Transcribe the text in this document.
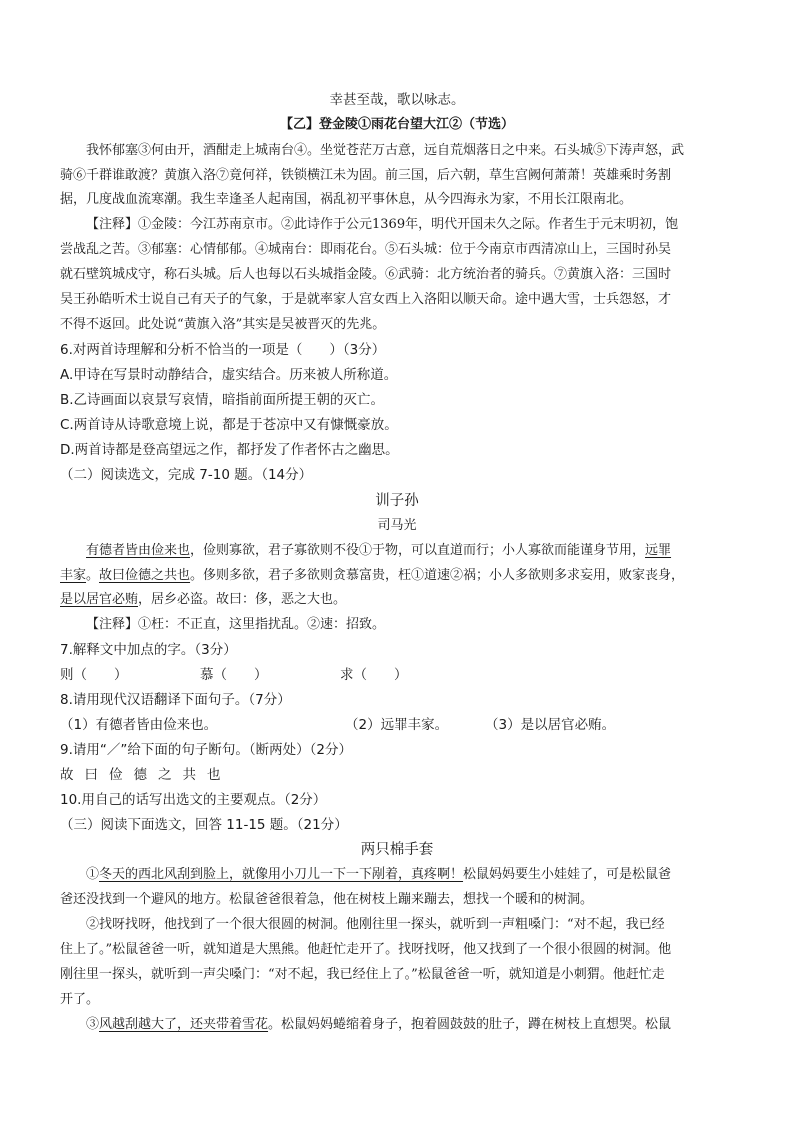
幸甚至哉，歌以咏志。
【乙】登金陵①雨花台望大江②（节选）
我怀郁塞③何由开，酒酣走上城南台④。坐觉苍茫万古意，远自荒烟落日之中来。石头城⑤下涛声怒，武
骑⑥千群谁敢渡？黄旗入洛⑦竟何祥，铁锁横江未为固。前三国，后六朝，草生宫阙何萧萧！英雄乘时务割
据，几度战血流寒潮。我生幸逢圣人起南国，祸乱初平事休息，从今四海永为家，不用长江限南北。
【注释】①金陵：今江苏南京市。②此诗作于公元1369年，明代开国未久之际。作者生于元末明初，饱
尝战乱之苦。③郁塞：心情郁郁。④城南台：即雨花台。⑤石头城：位于今南京市西清凉山上，三国时孙吴
就石壁筑城戍守，称石头城。后人也每以石头城指金陵。⑥武骑：北方统治者的骑兵。⑦黄旗入洛：三国时
吴王孙皓听术士说自己有天子的气象，于是就率家人宫女西上入洛阳以顺天命。途中遇大雪，士兵怨怒，才
不得不返回。此处说“黄旗入洛”其实是吴被晋灭的先兆。
6.对两首诗理解和分析不恰当的一项是（　　）（3分）
A.甲诗在写景时动静结合，虚实结合。历来被人所称道。
B.乙诗画面以哀景写哀情，暗指前面所提王朝的灭亡。
C.两首诗从诗歌意境上说，都是于苍凉中又有慷慨豪放。
D.两首诗都是登高望远之作，都抒发了作者怀古之幽思。
（二）阅读选文，完成 7-10 题。（14分）
训子孙
司马光
有德者皆由俭来也，俭则寡欲，君子寡欲则不役①于物，可以直道而行；小人寡欲而能谨身节用，远罪
丰家。故曰俭德之共也。侈则多欲，君子多欲则贪慕富贵，枉①道速②祸；小人多欲则多求妄用，败家丧身，
是以居官必贿，居乡必盗。故曰：侈，恶之大也。
【注释】①枉：不正直，这里指扰乱。②速：招致。
7.解释文中加点的字。（3分）
则（　　）	慕（　　）	求（　　）
8.请用现代汉语翻译下面句子。（7分）
（1）有德者皆由俭来也。	（2）远罪丰家。	（3）是以居官必贿。
9.请用“／”给下面的句子断句。（断两处）（2分）
故曰俭德之共也
10.用自己的话写出选文的主要观点。（2分）
（三）阅读下面选文，回答 11-15 题。（21分）
两只棉手套
①冬天的西北风刮到脸上，就像用小刀儿一下一下剐着，真疼啊！松鼠妈妈要生小娃娃了，可是松鼠爸
爸还没找到一个避风的地方。松鼠爸爸很着急，他在树枝上蹦来蹦去，想找一个暖和的树洞。
②找呀找呀，他找到了一个很大很圆的树洞。他刚往里一探头，就听到一声粗嗓门：“对不起，我已经
住上了。”松鼠爸爸一听，就知道是大黑熊。他赶忙走开了。找呀找呀，他又找到了一个很小很圆的树洞。他
刚往里一探头，就听到一声尖嗓门：“对不起，我已经住上了。”松鼠爸爸一听，就知道是小刺猬。他赶忙走
开了。
③风越刮越大了，还夹带着雪花。松鼠妈妈蜷缩着身子，抱着圆鼓鼓的肚子，蹲在树枝上直想哭。松鼠
